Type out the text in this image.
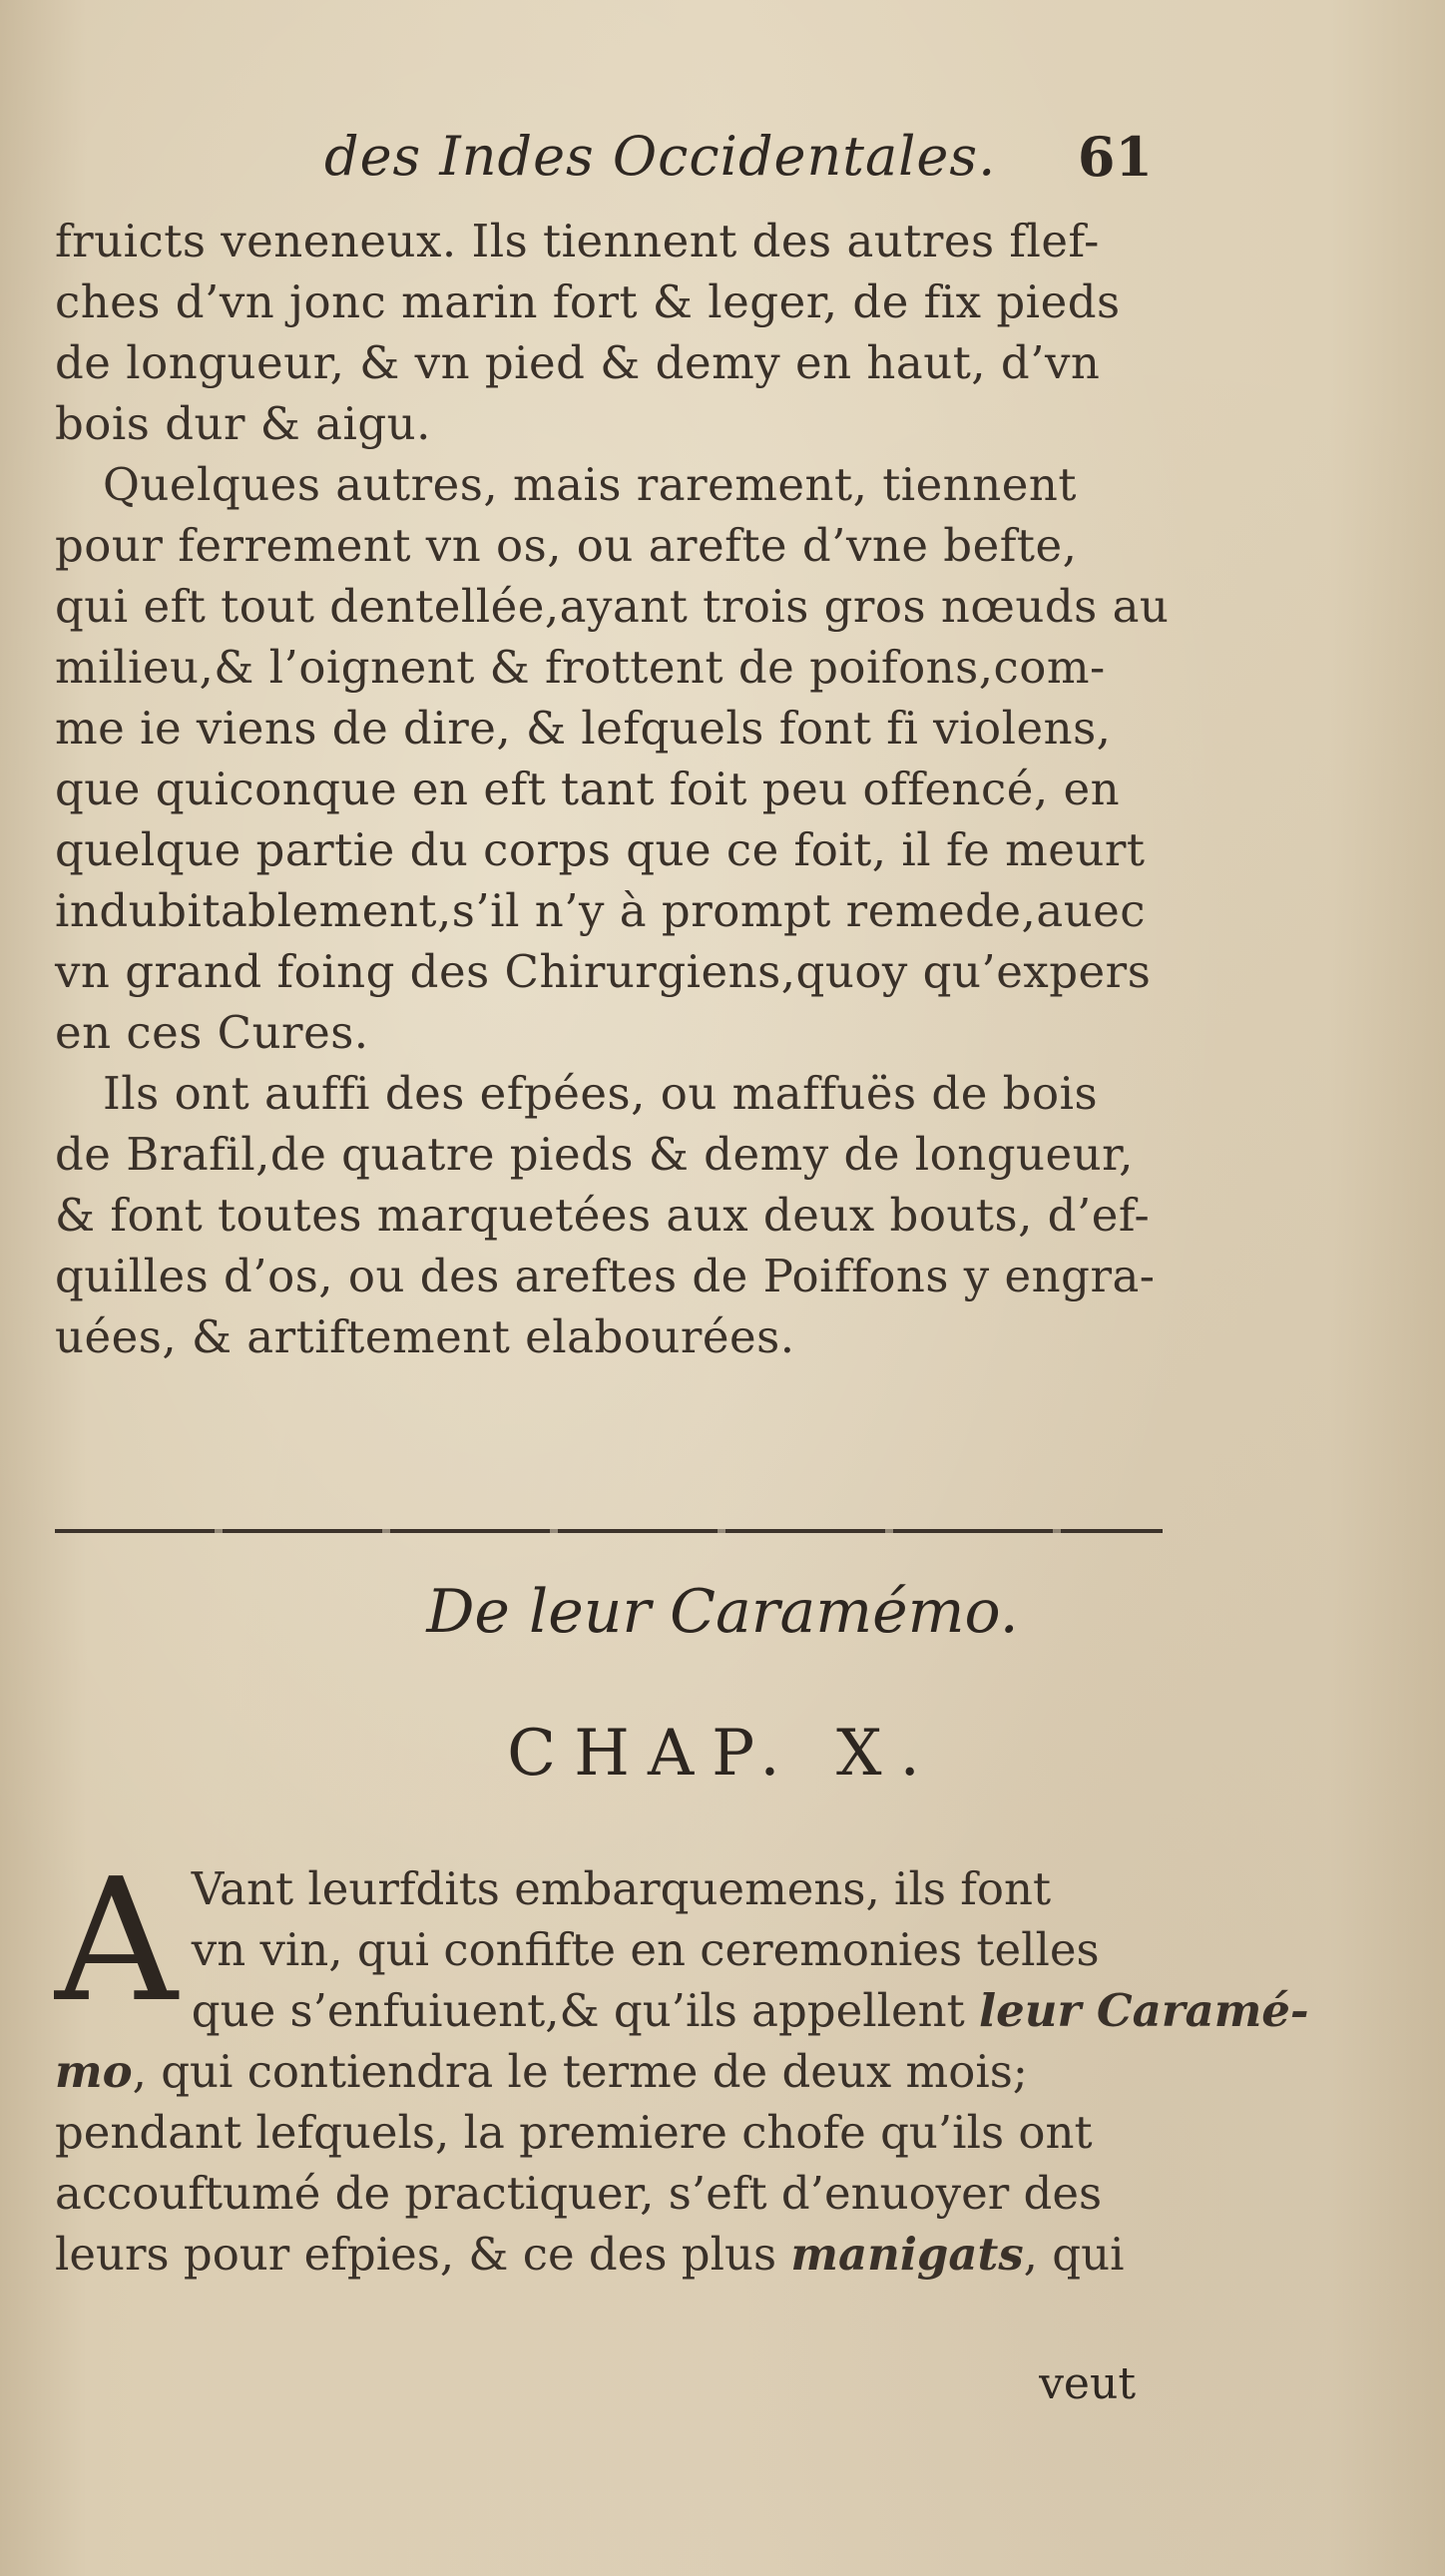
des Indes Occidentales. 61
fruicts veneneux. Ils tiennent des autres flef-
ches d’vn jonc marin fort & leger, de fix pieds
de longueur, & vn pied & demy en haut, d’vn
bois dur & aigu.
Quelques autres, mais rarement, tiennent
pour ferrement vn os, ou arefte d’vne befte,
qui eft tout dentellée,ayant trois gros nœuds au
milieu,& l’oignent & frottent de poifons,com-
me ie viens de dire, & lefquels font fi violens,
que quiconque en eft tant foit peu offencé, en
quelque partie du corps que ce foit, il fe meurt
indubitablement,s’il n’y à prompt remede,auec
vn grand foing des Chirurgiens,quoy qu’expers
en ces Cures.
Ils ont auffi des efpées, ou maffuës de bois
de Brafil,de quatre pieds & demy de longueur,
& font toutes marquetées aux deux bouts, d’ef-
quilles d’os, ou des areftes de Poiffons y engra-
uées, & artiftement elabourées.
De leur Caramémo.
CHAP. X.
A Vant leurfdits embarquemens, ils font
vn vin, qui confifte en ceremonies telles
que s’enfuiuent,& qu’ils appellent leur Caramé-
mo, qui contiendra le terme de deux mois;
pendant lefquels, la premiere chofe qu’ils ont
accouftumé de practiquer, s’eft d’enuoyer des
leurs pour efpies, & ce des plus manigats, qui
veut
